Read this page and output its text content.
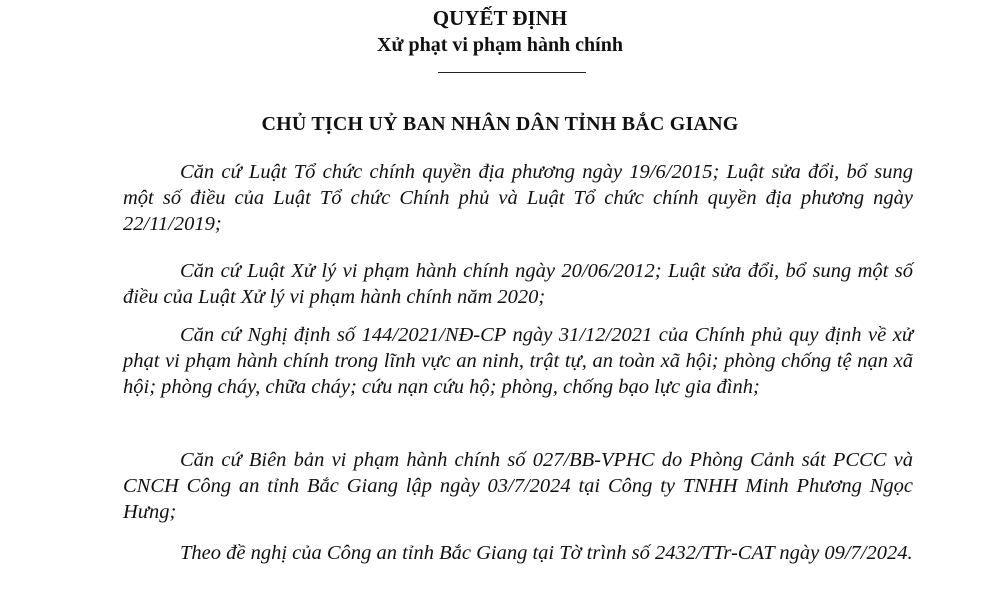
QUYẾT ĐỊNH
Xử phạt vi phạm hành chính
CHỦ TỊCH UỶ BAN NHÂN DÂN TỈNH BẮC GIANG

Căn cứ Luật Tổ chức chính quyền địa phương ngày 19/6/2015; Luật sửa đổi, bổ sung một số điều của Luật Tổ chức Chính phủ và Luật Tổ chức chính quyền địa phương ngày 22/11/2019;

Căn cứ Luật Xử lý vi phạm hành chính ngày 20/06/2012; Luật sửa đổi, bổ sung một số điều của Luật Xử lý vi phạm hành chính năm 2020;

Căn cứ Nghị định số 144/2021/NĐ-CP ngày 31/12/2021 của Chính phủ quy định về xử phạt vi phạm hành chính trong lĩnh vực an ninh, trật tự, an toàn xã hội; phòng chống tệ nạn xã hội; phòng cháy, chữa cháy; cứu nạn cứu hộ; phòng, chống bạo lực gia đình;

Căn cứ Biên bản vi phạm hành chính số 027/BB-VPHC do Phòng Cảnh sát PCCC và CNCH Công an tỉnh Bắc Giang lập ngày 03/7/2024 tại Công ty TNHH Minh Phương Ngọc Hưng;

Theo đề nghị của Công an tỉnh Bắc Giang tại Tờ trình số 2432/TTr-CAT ngày 09/7/2024.
